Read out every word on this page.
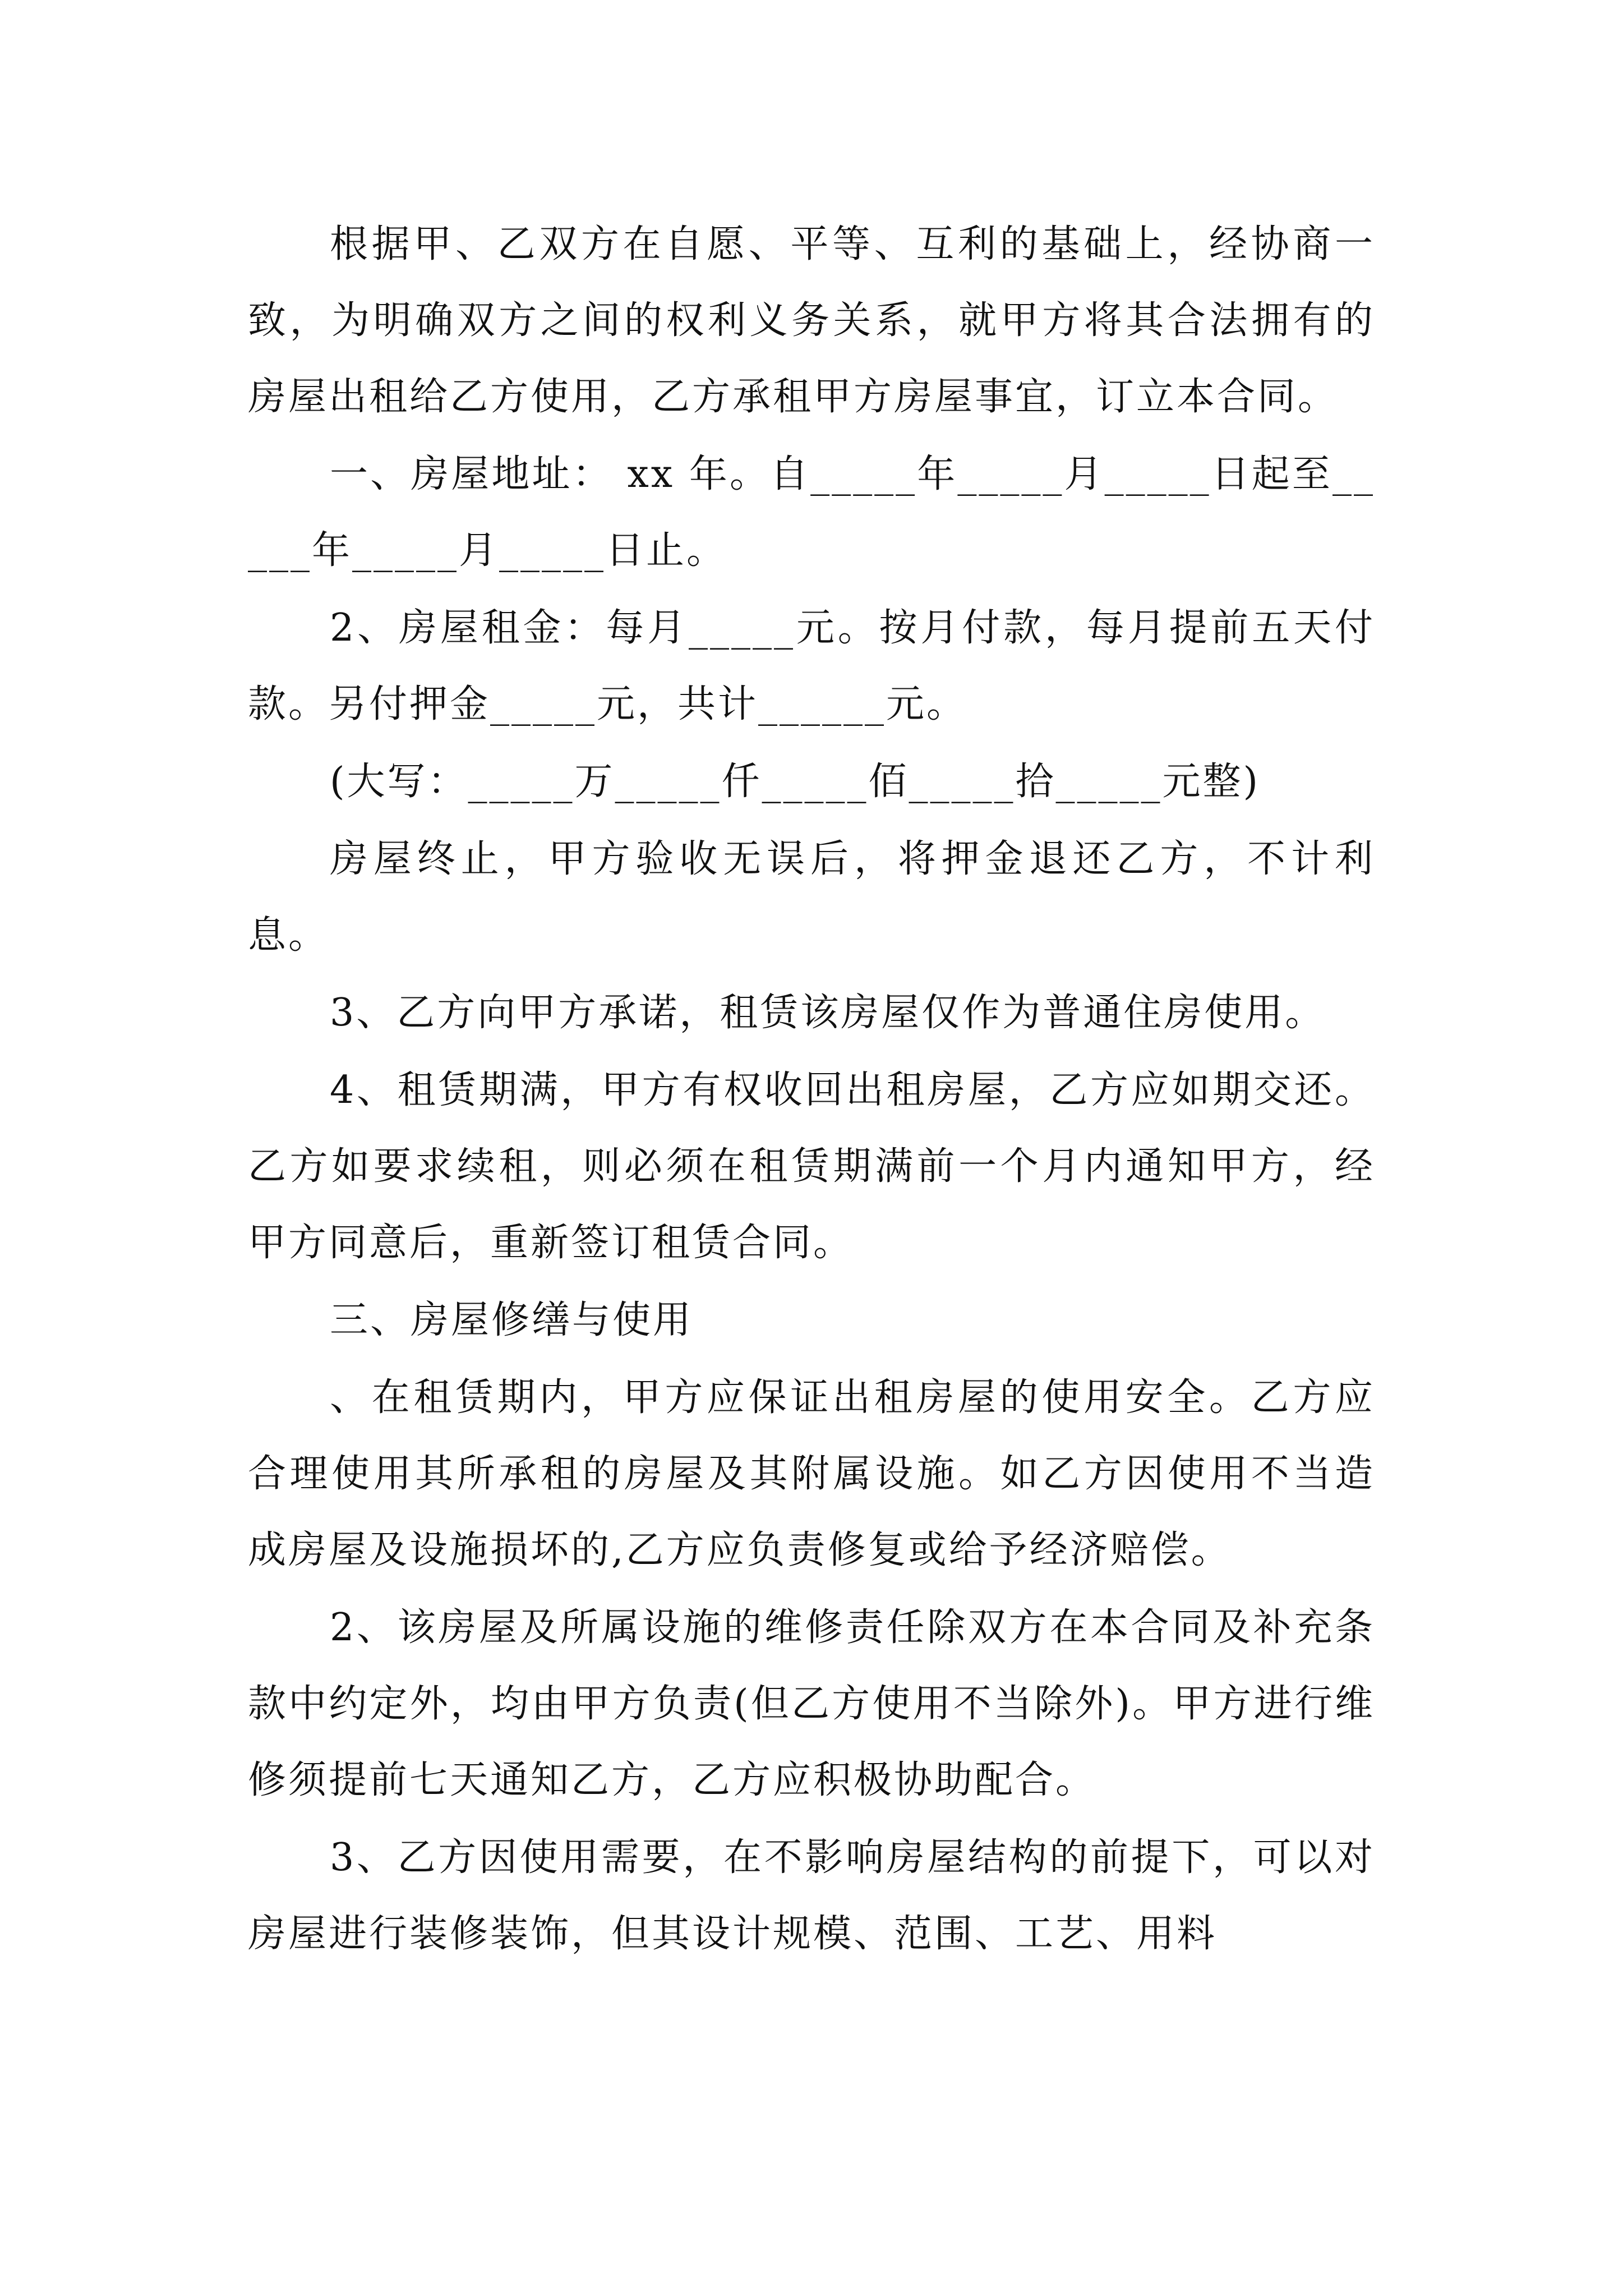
根据甲、乙双方在自愿、平等、互利的基础上，经协商一致，为明确双方之间的权利义务关系，就甲方将其合法拥有的房屋出租给乙方使用，乙方承租甲方房屋事宜，订立本合同。

一、房屋地址： xx 年。自_____年_____月_____日起至_____年_____月_____日止。

2、房屋租金：每月_____元。按月付款，每月提前五天付款。另付押金_____元，共计______元。

(大写：_____万_____仟_____佰_____拾_____元整)

房屋终止，甲方验收无误后，将押金退还乙方，不计利息。

3、乙方向甲方承诺，租赁该房屋仅作为普通住房使用。

4、租赁期满，甲方有权收回出租房屋，乙方应如期交还。乙方如要求续租，则必须在租赁期满前一个月内通知甲方，经甲方同意后，重新签订租赁合同。

三、房屋修缮与使用

、在租赁期内，甲方应保证出租房屋的使用安全。乙方应合理使用其所承租的房屋及其附属设施。如乙方因使用不当造成房屋及设施损坏的,乙方应负责修复或给予经济赔偿。

2、该房屋及所属设施的维修责任除双方在本合同及补充条款中约定外，均由甲方负责(但乙方使用不当除外)。甲方进行维修须提前七天通知乙方，乙方应积极协助配合。

3、乙方因使用需要，在不影响房屋结构的前提下，可以对房屋进行装修装饰，但其设计规模、范围、工艺、用料
